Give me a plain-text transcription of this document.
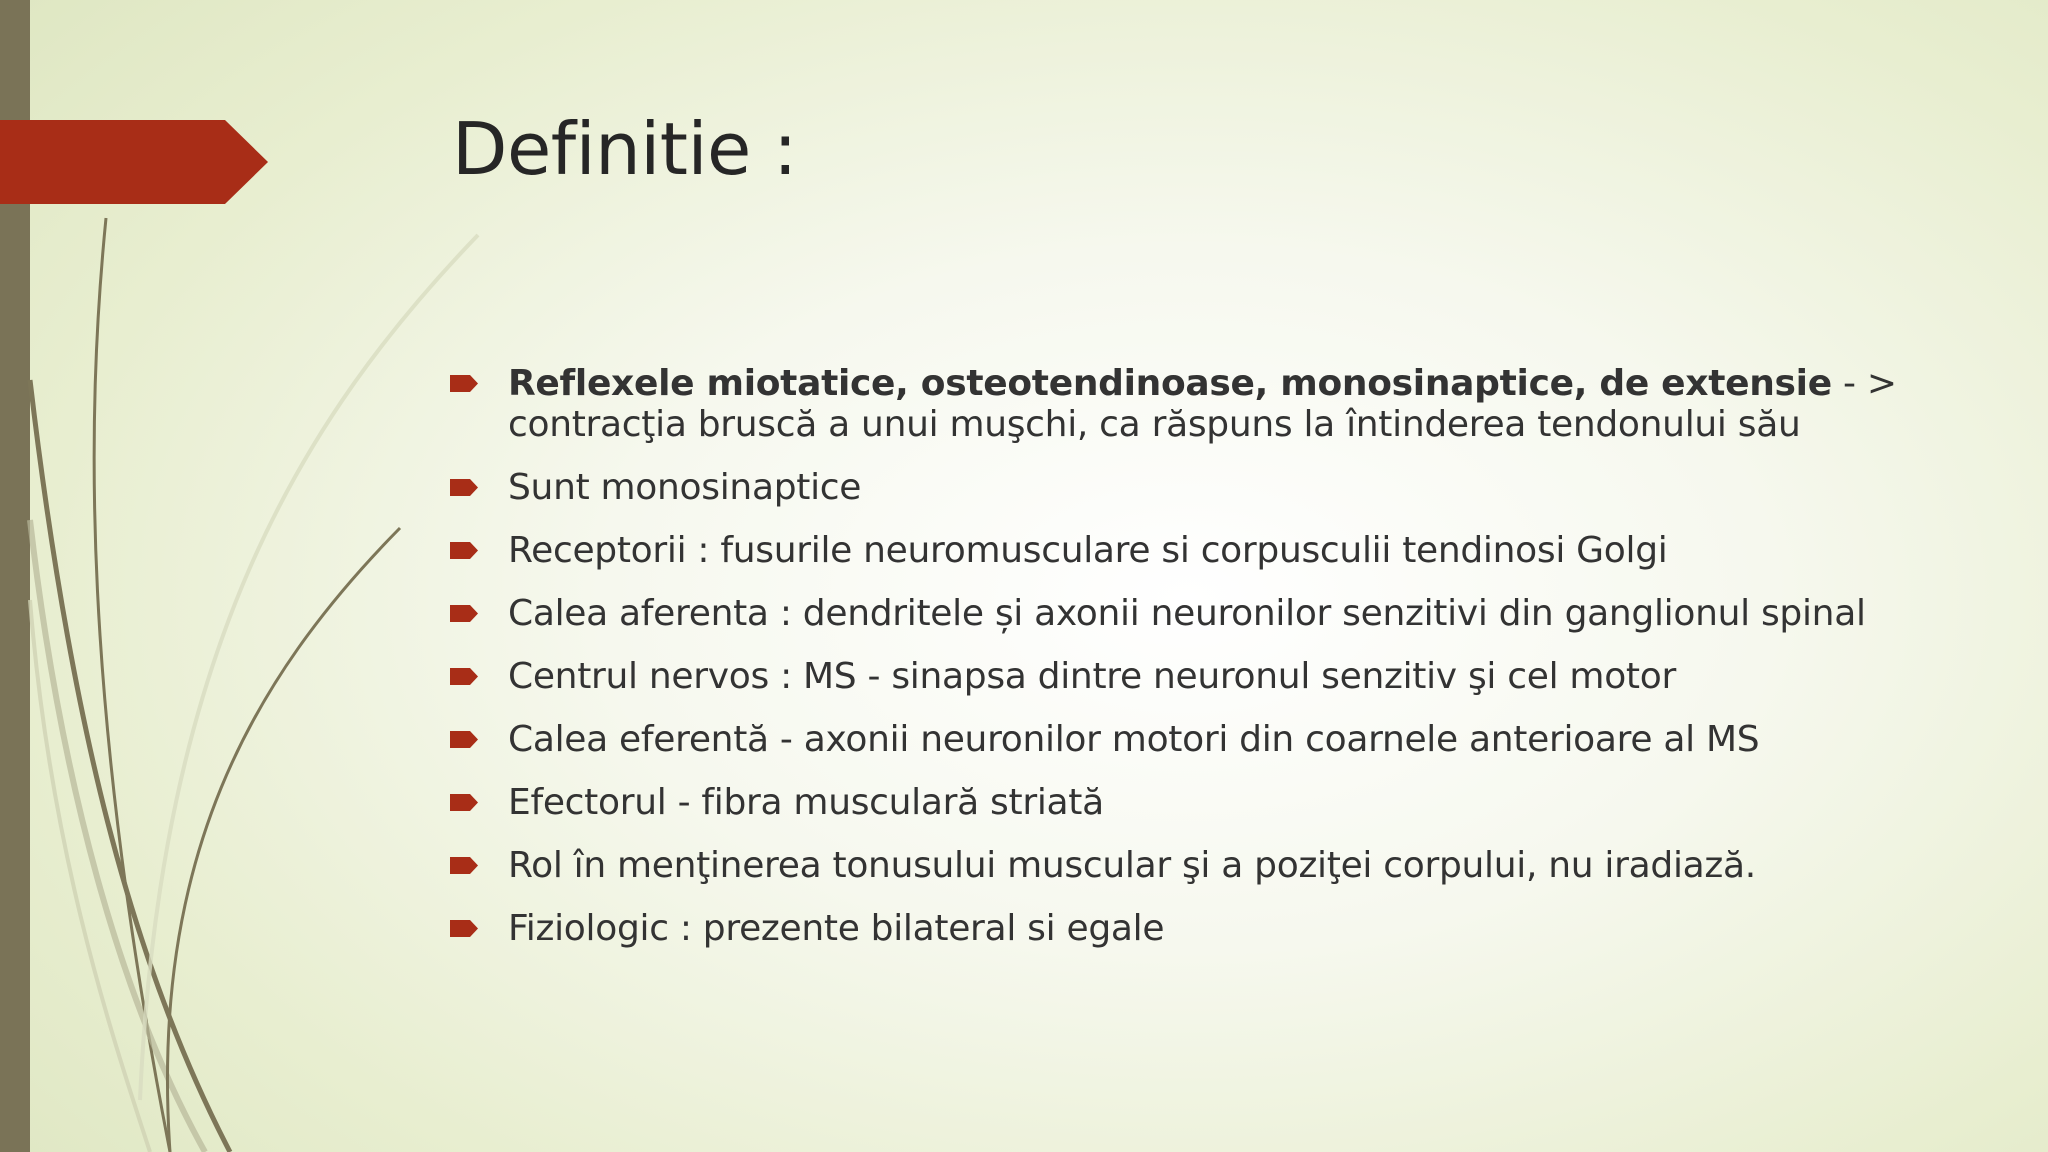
Definitie :
Reflexele miotatice, osteotendinoase, monosinaptice, de extensie - > contracţia bruscă a unui muşchi, ca răspuns la întinderea tendonului său
Sunt monosinaptice
Receptorii : fusurile neuromusculare si corpusculii tendinosi Golgi
Calea aferenta : dendritele și axonii neuronilor senzitivi din ganglionul spinal
Centrul nervos : MS - sinapsa dintre neuronul senzitiv şi cel motor
Calea eferentă - axonii neuronilor motori din coarnele anterioare al MS
Efectorul - fibra musculară striată
Rol în menţinerea tonusului muscular şi a poziţei corpului, nu iradiază.
Fiziologic : prezente bilateral si egale
